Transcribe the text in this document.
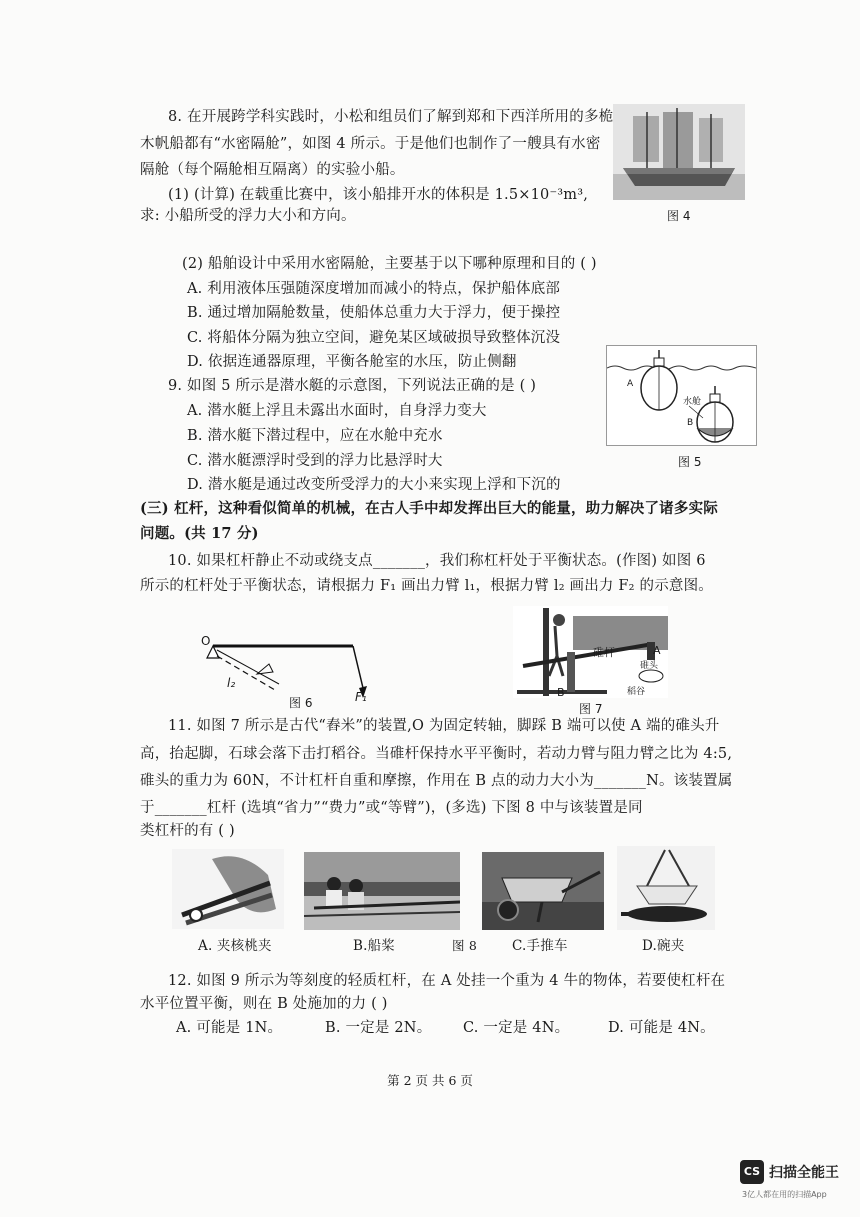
8. 在开展跨学科实践时，小松和组员们了解到郑和下西洋所用的多桅
木帆船都有“水密隔舱”，如图 4 所示。于是他们也制作了一艘具有水密
隔舱（每个隔舱相互隔离）的实验小船。
(1) (计算) 在载重比赛中，该小船排开水的体积是 1.5×10⁻³m³,
求: 小船所受的浮力大小和方向。	图 4
(2) 船舶设计中采用水密隔舱，主要基于以下哪种原理和目的 ( )
A. 利用液体压强随深度增加而减小的特点，保护船体底部
B. 通过增加隔舱数量，使船体总重力大于浮力，便于操控
C. 将船体分隔为独立空间，避免某区域破损导致整体沉没
D. 依据连通器原理，平衡各舱室的水压，防止侧翻
9. 如图 5 所示是潜水艇的示意图，下列说法正确的是 ( )
A. 潜水艇上浮且未露出水面时，自身浮力变大
B. 潜水艇下潜过程中，应在水舱中充水
C. 潜水艇漂浮时受到的浮力比悬浮时大
D. 潜水艇是通过改变所受浮力的大小来实现上浮和下沉的
A
水舱
B
图 5
(三) 杠杆，这种看似简单的机械，在古人手中却发挥出巨大的能量，助力解决了诸多实际
问题。(共 17 分)
10. 如果杠杆静止不动或绕支点_______，我们称杠杆处于平衡状态。(作图) 如图 6
所示的杠杆处于平衡状态，请根据力 F₁ 画出力臂 l₁，根据力臂 l₂ 画出力 F₂ 的示意图。
O
l₂
F₁
图 6
碓杆	A
碓头
稻谷
B
图 7
11. 如图 7 所示是古代“舂米”的装置,O 为固定转轴，脚踩 B 端可以使 A 端的碓头升
高，抬起脚，石球会落下击打稻谷。当碓杆保持水平平衡时，若动力臂与阻力臂之比为 4:5,
碓头的重力为 60N，不计杠杆自重和摩擦，作用在 B 点的动力大小为_______N。该装置属
于_______杠杆 (选填“省力”“费力”或“等臂”)，(多选) 下图 8 中与该装置是同
类杠杆的有 ( )
A. 夹核桃夹	B.船桨	图 8	C.手推车	D.碗夹
12. 如图 9 所示为等刻度的轻质杠杆，在 A 处挂一个重为 4 牛的物体，若要使杠杆在
水平位置平衡，则在 B 处施加的力 ( )
A. 可能是 1N。	B. 一定是 2N。 C. 一定是 4N。	D. 可能是 4N。
第 2 页 共 6 页
CS 扫描全能王
3亿人都在用的扫描App
